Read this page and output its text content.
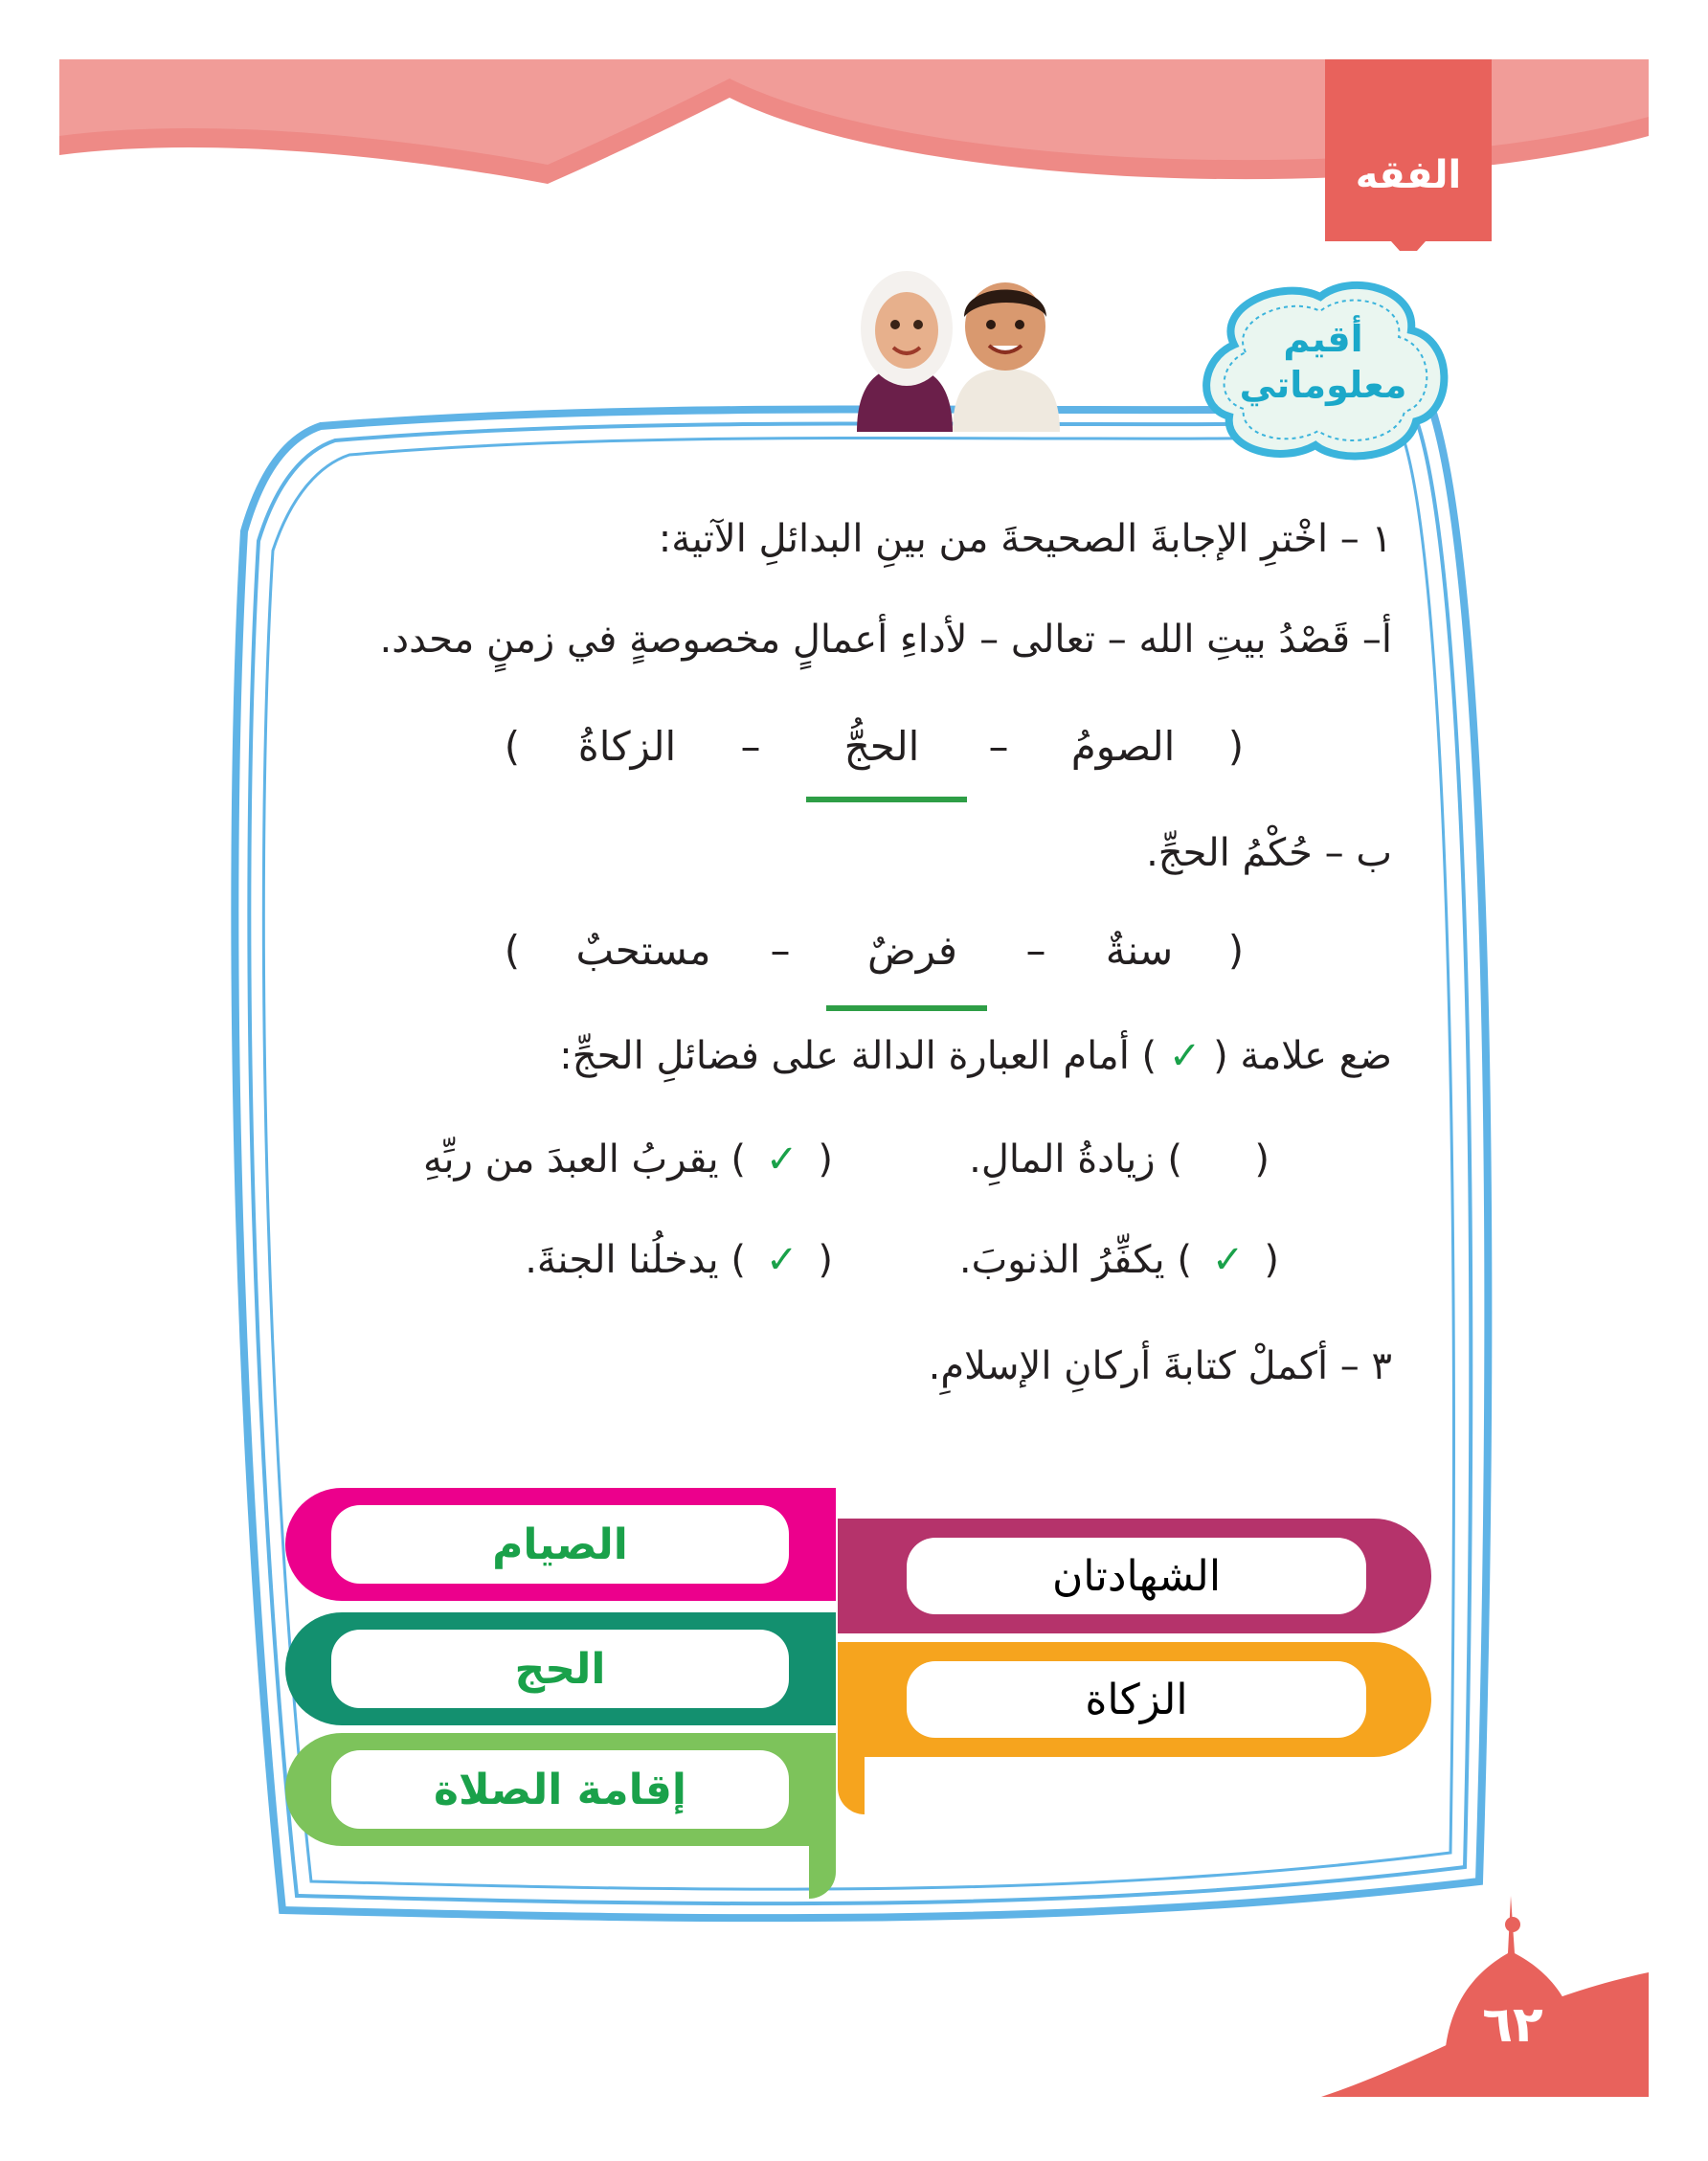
الفقه
أقيم
معلوماتي
١ – اخْترِ الإجابةَ الصحيحةَ من بينِ البدائلِ الآتية:
أ– قَصْدُ بيتِ الله – تعالى – لأداءِ أعمالٍ مخصوصةٍ في زمنٍ محدد.
(
الصومُ
–
الحجُّ
–
الزكاةُ
)
ب – حُكْمُ الحجِّ.
(
سنةٌ
–
فرضٌ
–
مستحبٌ
)
ضع علامة ( ✓ ) أمام العبارة الدالة على فضائلِ الحجِّ:
(  ) زيادةُ المالِ.
( ✓ ) يقربُ العبدَ من ربِّهِ
( ✓ ) يكفِّرُ الذنوبَ.
( ✓ ) يدخلُنا الجنةَ.
٣ – أكملْ كتابةَ أركانِ الإسلامِ.
الشهادتان
الزكاة
الصيام
الحج
إقامة الصلاة
٦٢
